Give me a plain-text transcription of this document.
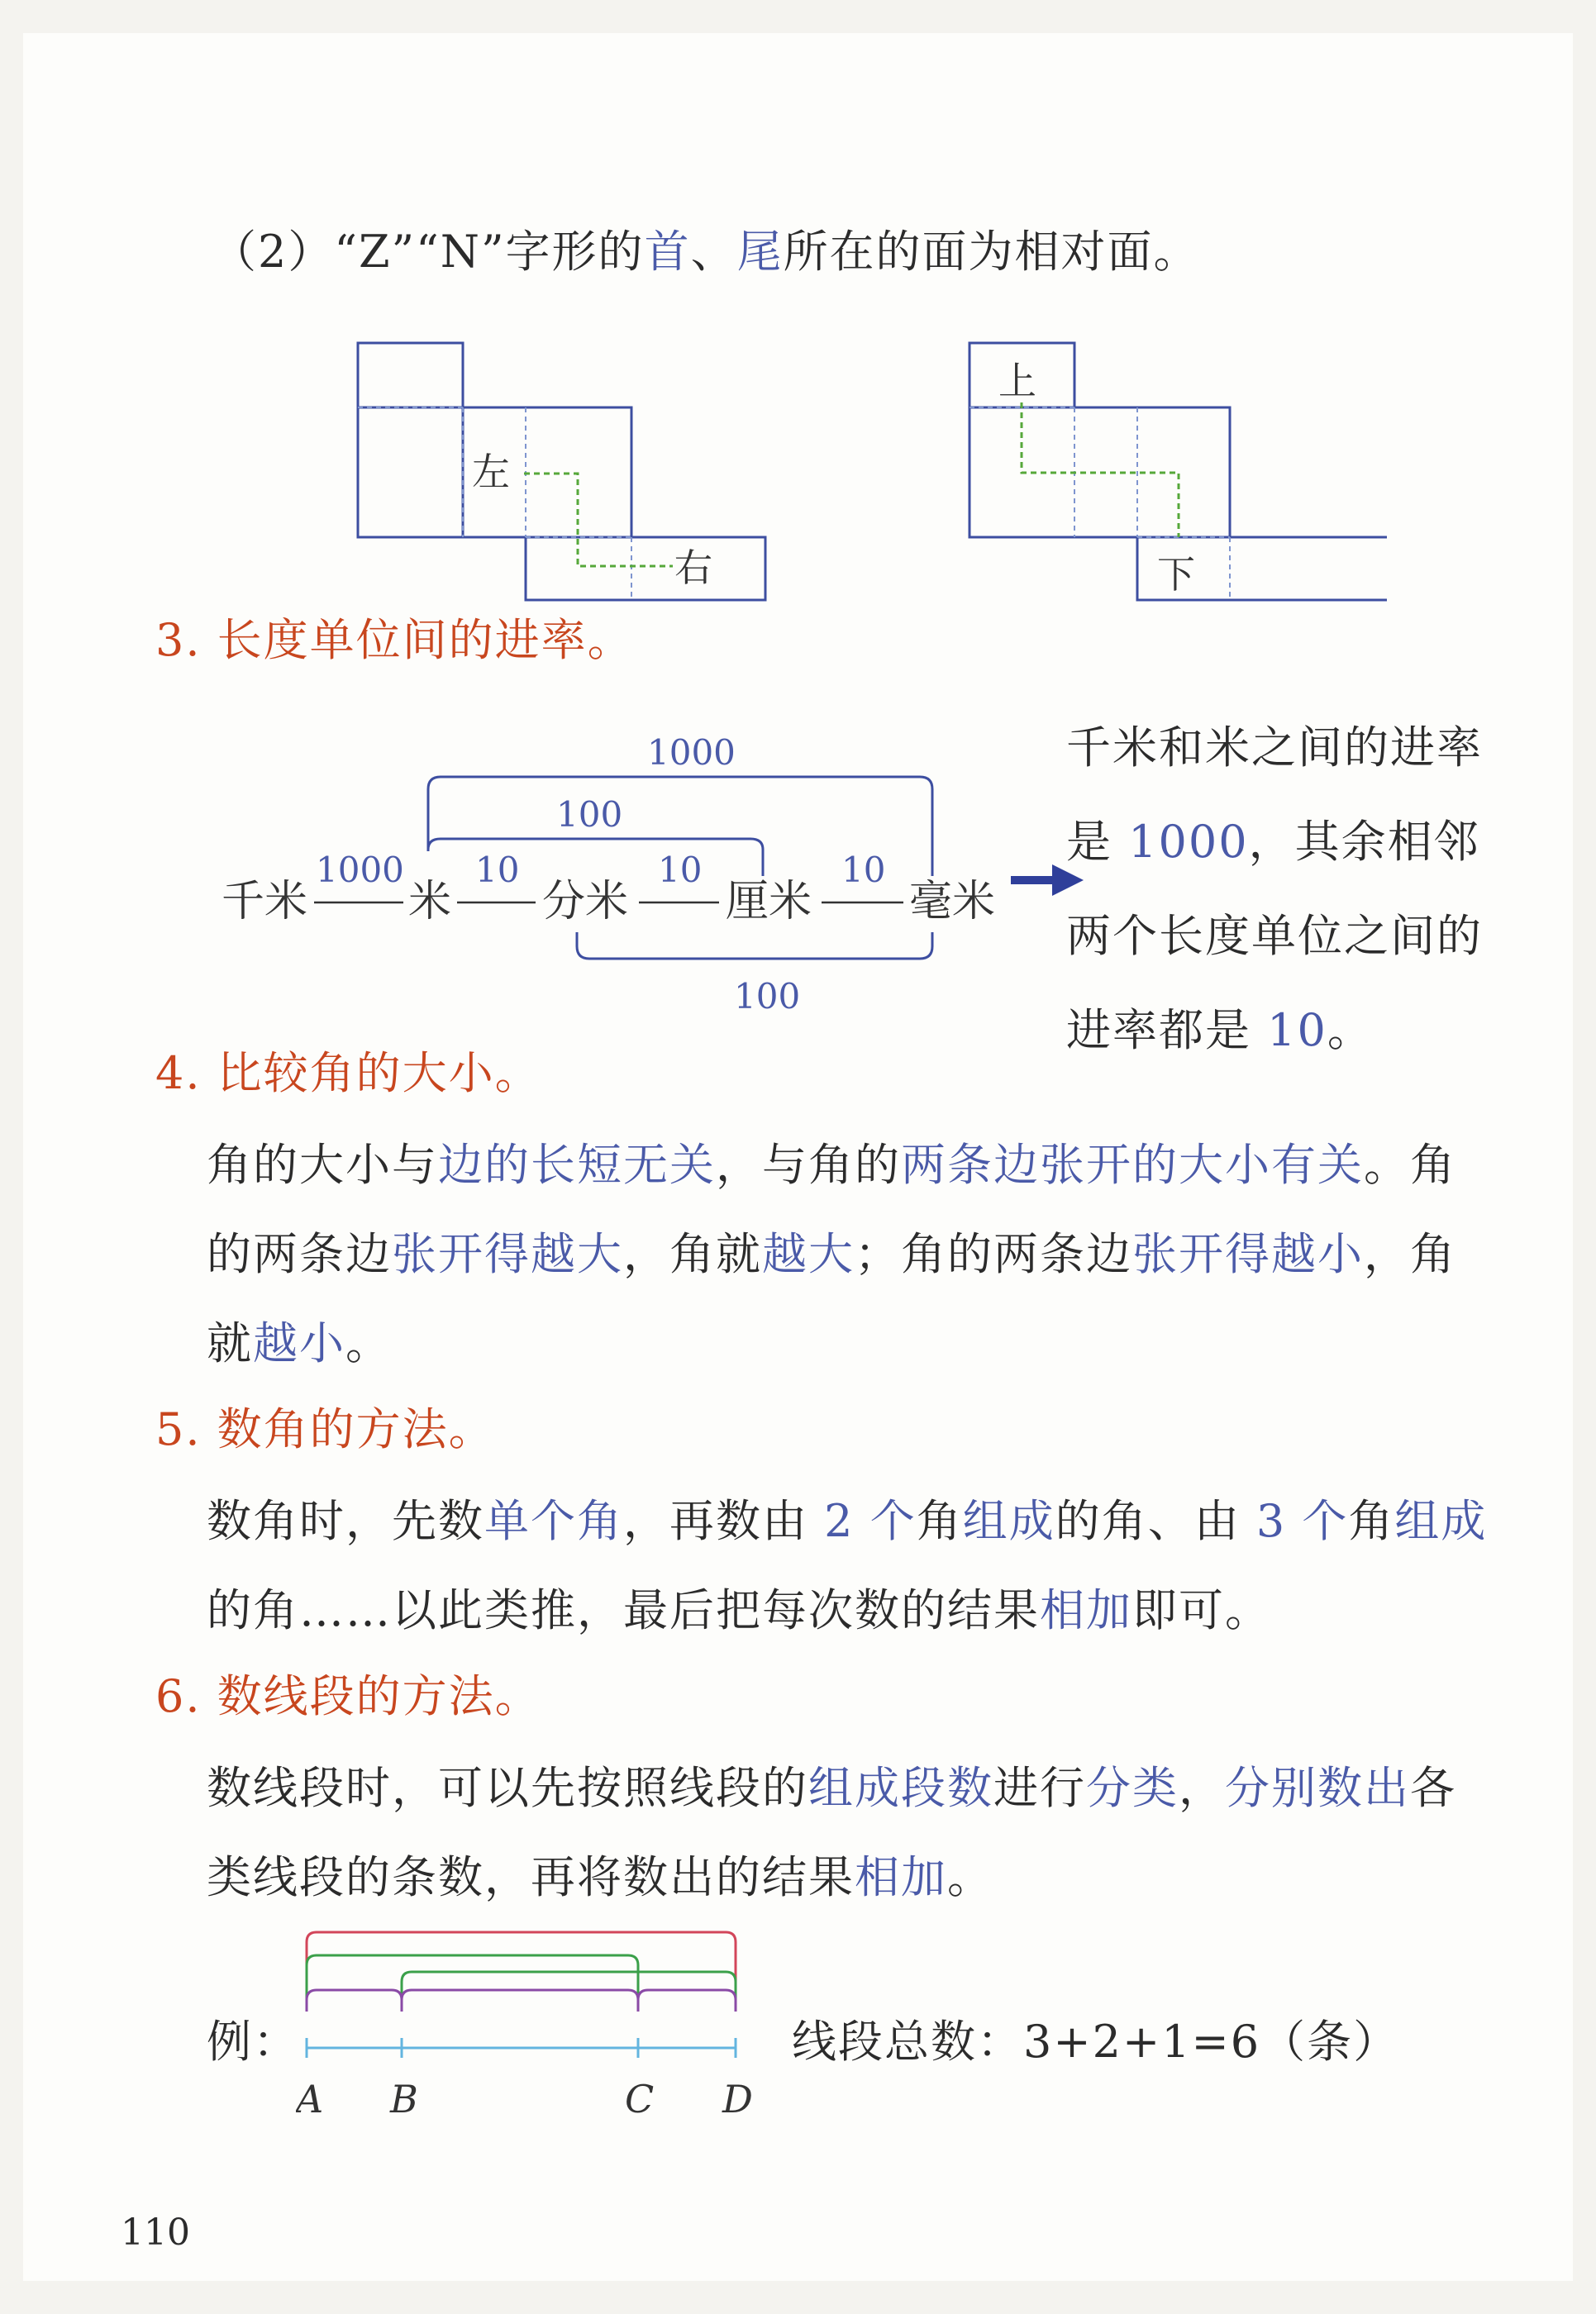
（2）“Z”“N”字形的首、尾所在的面为相对面。
左
右
上
下
3. 长度单位间的进率。
1000
100
100
千米 米 分米 厘米 毫米
1000 10	10	10
千米和米之间的进率
是 1000，其余相邻
两个长度单位之间的
进率都是 10。
4. 比较角的大小。
角的大小与边的长短无关，与角的两条边张开的大小有关。角
的两条边张开得越大，角就越大；角的两条边张开得越小，角
就越小。
5. 数角的方法。
数角时，先数单个角，再数由 2 个角组成的角、由 3 个角组成
的角……以此类推，最后把每次数的结果相加即可。
6. 数线段的方法。
数线段时，可以先按照线段的组成段数进行分类，分别数出各
类线段的条数，再将数出的结果相加。
例：
A B	C D
线段总数：3+2+1=6（条）
110
